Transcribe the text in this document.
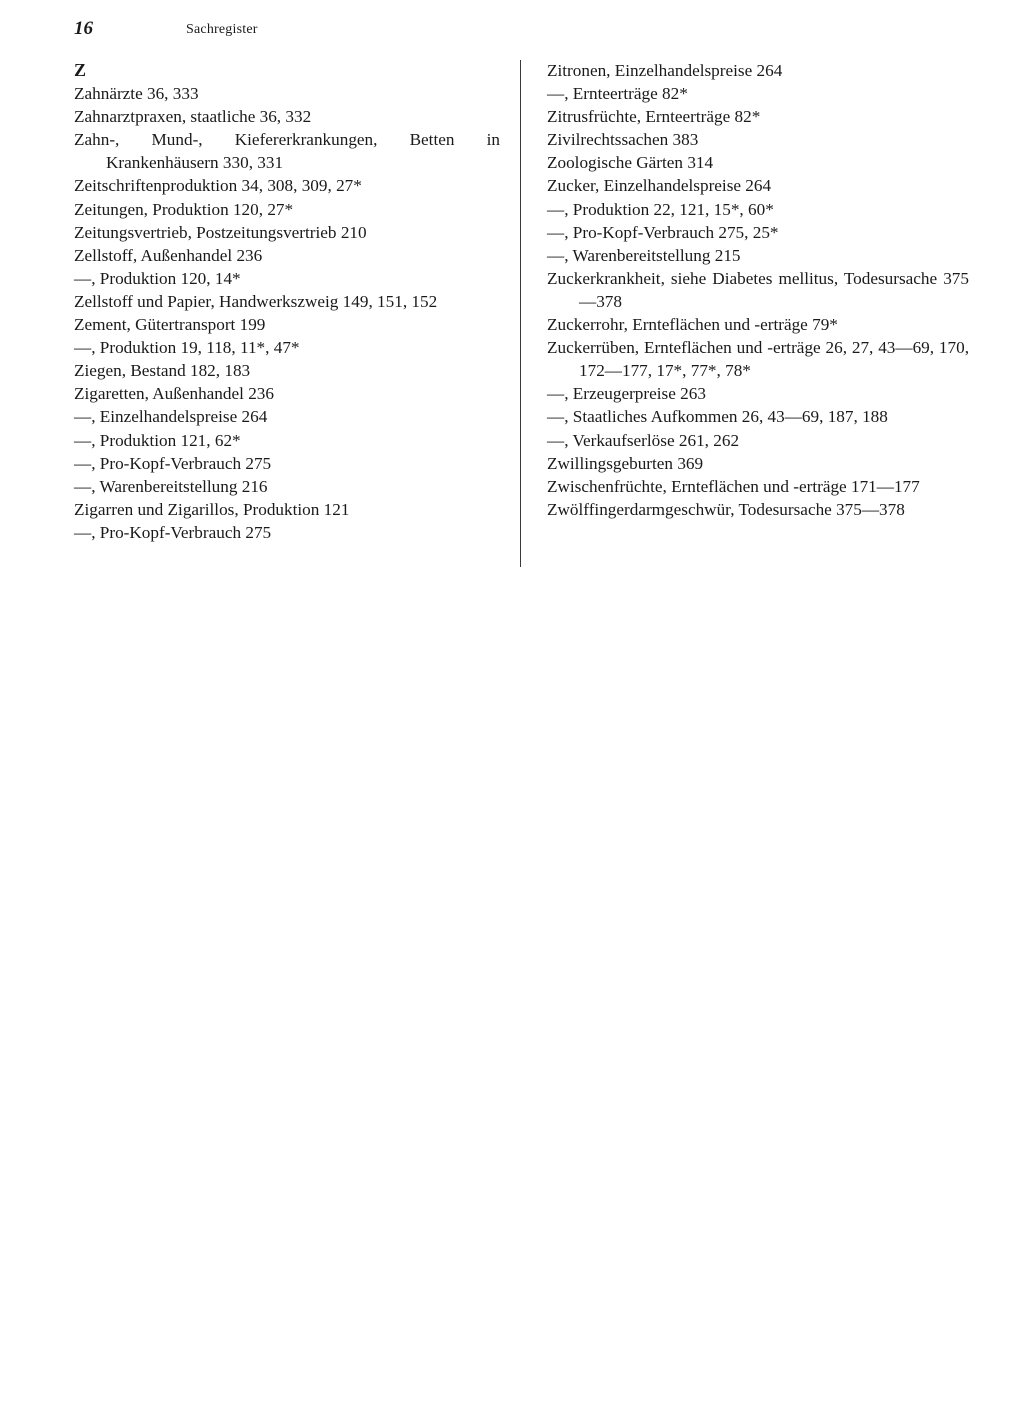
16	Sachregister
Z
Zahnärzte 36, 333
Zahnarztpraxen, staatliche 36, 332
Zahn-, Mund-, Kiefererkrankungen, Betten in Krankenhäusern 330, 331
Zeitschriftenproduktion 34, 308, 309, 27*
Zeitungen, Produktion 120, 27*
Zeitungsvertrieb, Postzeitungsvertrieb 210
Zellstoff, Außenhandel 236
—, Produktion 120, 14*
Zellstoff und Papier, Handwerkszweig 149, 151, 152
Zement, Gütertransport 199
—, Produktion 19, 118, 11*, 47*
Ziegen, Bestand 182, 183
Zigaretten, Außenhandel 236
—, Einzelhandelspreise 264
—, Produktion 121, 62*
—, Pro-Kopf-Verbrauch 275
—, Warenbereitstellung 216
Zigarren und Zigarillos, Produktion 121
—, Pro-Kopf-Verbrauch 275
Zitronen, Einzelhandelspreise 264
—, Ernteerträge 82*
Zitrusfrüchte, Ernteerträge 82*
Zivilrechtssachen 383
Zoologische Gärten 314
Zucker, Einzelhandelspreise 264
—, Produktion 22, 121, 15*, 60*
—, Pro-Kopf-Verbrauch 275, 25*
—, Warenbereitstellung 215
Zuckerkrankheit, siehe Diabetes mellitus, Todesursache 375—378
Zuckerrohr, Ernteflächen und -erträge 79*
Zuckerrüben, Ernteflächen und -erträge 26, 27, 43—69, 170, 172—177, 17*, 77*, 78*
—, Erzeugerpreise 263
—, Staatliches Aufkommen 26, 43—69, 187, 188
—, Verkaufserlöse 261, 262
Zwillingsgeburten 369
Zwischenfrüchte, Ernteflächen und -erträge 171—177
Zwölffingerdarmgeschwür, Todesursache 375—378
